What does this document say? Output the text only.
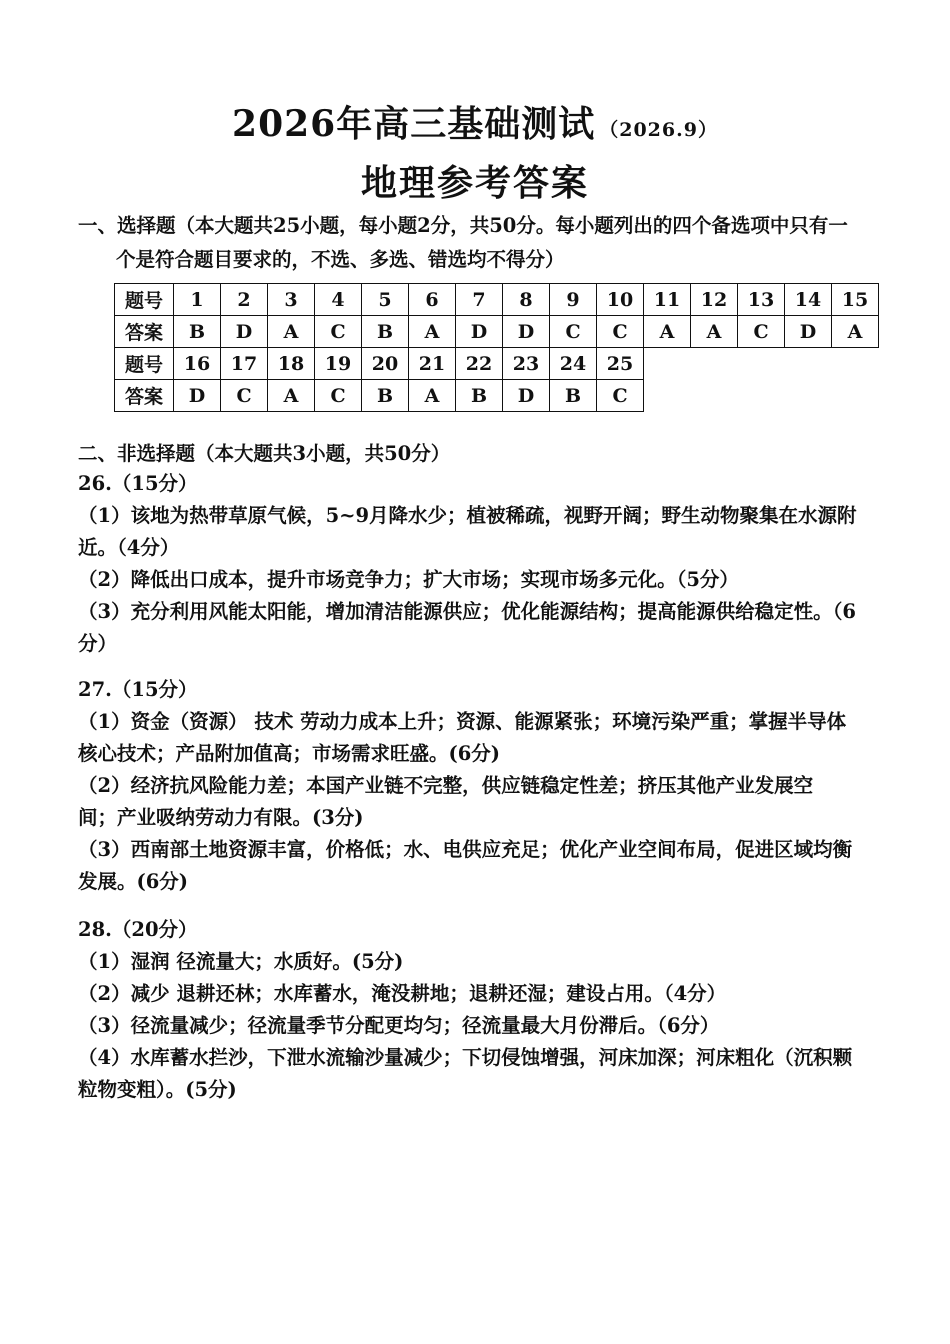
2026年高三基础测试 （2026.9）
地理参考答案
一、选择题（本大题共25小题，每小题2分，共50分。每小题列出的四个备选项中只有一
个是符合题目要求的，不选、多选、错选均不得分）
题号	1	2	3	4	5	6	7	8	9	10	11	12	13	14	15
答案	B	D	A	C	B	A	D	D	C	C	A	A	C	D	A
题号	16	17	18	19	20	21	22	23	24	25					
答案	D	C	A	C	B	A	B	D	B	C					
二、非选择题（本大题共3小题，共50分）
26.（15分）
（1）该地为热带草原气候，5~9月降水少；植被稀疏，视野开阔；野生动物聚集在水源附
近。（4分）
（2）降低出口成本，提升市场竞争力；扩大市场；实现市场多元化。（5分）
（3）充分利用风能太阳能，增加清洁能源供应；优化能源结构；提高能源供给稳定性。（6
分）
27.（15分）
（1）资金（资源） 技术 劳动力成本上升；资源、能源紧张；环境污染严重；掌握半导体
核心技术；产品附加值高；市场需求旺盛。(6分)
（2）经济抗风险能力差；本国产业链不完整，供应链稳定性差；挤压其他产业发展空
间；产业吸纳劳动力有限。(3分)
（3）西南部土地资源丰富，价格低；水、电供应充足；优化产业空间布局，促进区域均衡
发展。(6分)
28.（20分）
（1）湿润 径流量大；水质好。(5分)
（2）减少 退耕还林；水库蓄水，淹没耕地；退耕还湿；建设占用。（4分）
（3）径流量减少；径流量季节分配更均匀；径流量最大月份滞后。（6分）
（4）水库蓄水拦沙，下泄水流输沙量减少；下切侵蚀增强，河床加深；河床粗化（沉积颗
粒物变粗）。(5分)
